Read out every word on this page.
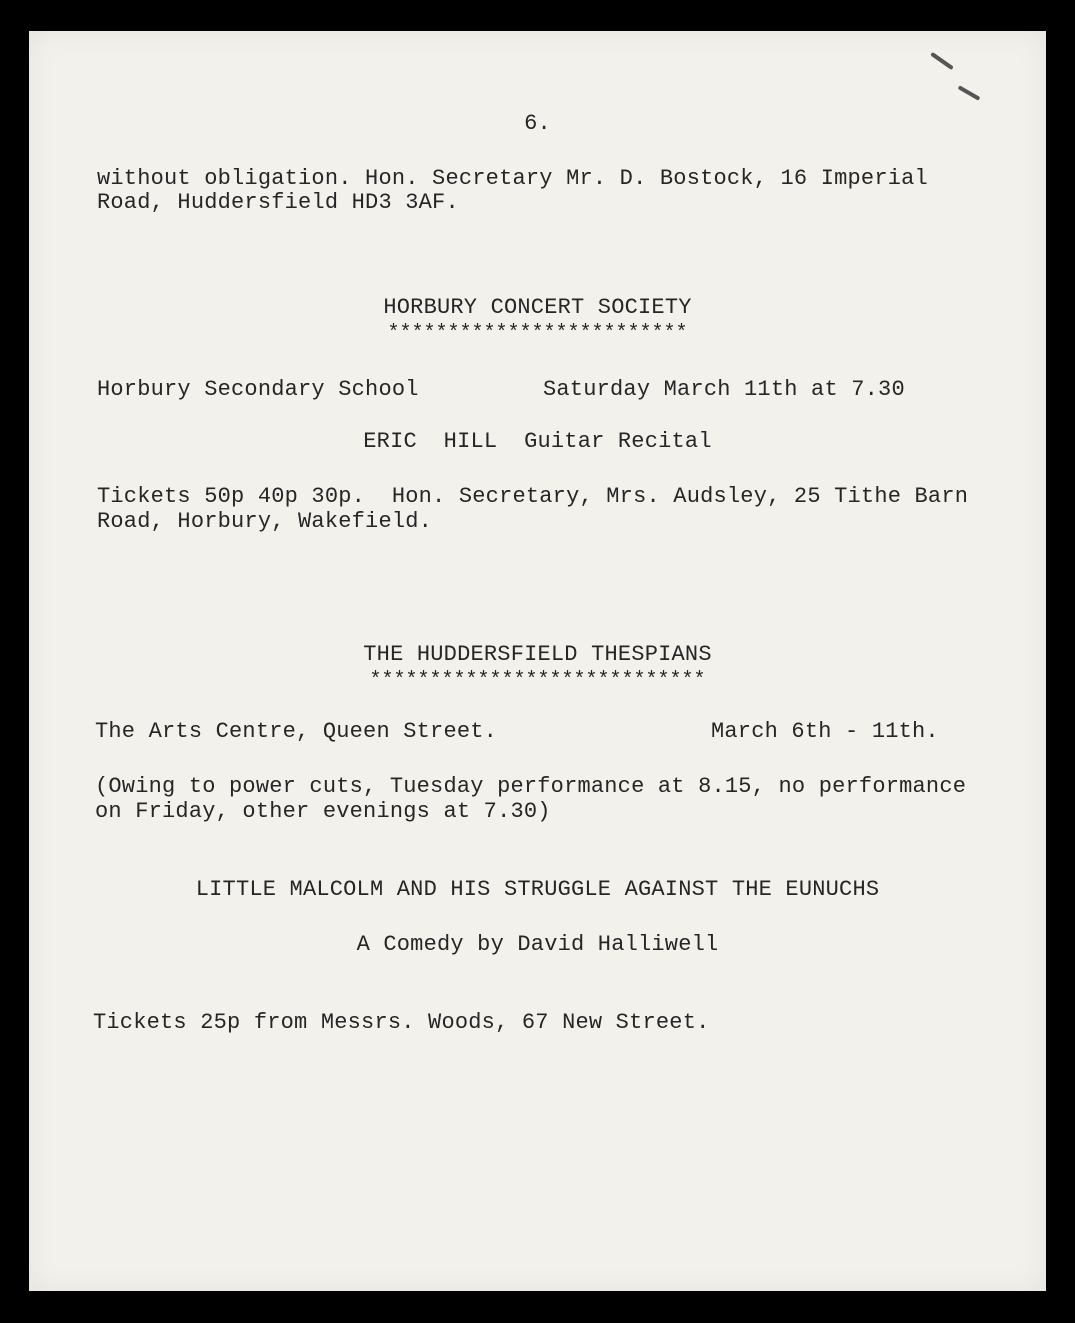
6.
without obligation. Hon. Secretary Mr. D. Bostock, 16 Imperial
Road, Huddersfield HD3 3AF.
HORBURY CONCERT SOCIETY
*************************
Horbury Secondary School	Saturday March 11th at 7.30
ERIC  HILL  Guitar Recital
Tickets 50p 40p 30p.  Hon. Secretary, Mrs. Audsley, 25 Tithe Barn
Road, Horbury, Wakefield.
THE HUDDERSFIELD THESPIANS
****************************
The Arts Centre, Queen Street.	March 6th - 11th.
(Owing to power cuts, Tuesday performance at 8.15, no performance
on Friday, other evenings at 7.30)
LITTLE MALCOLM AND HIS STRUGGLE AGAINST THE EUNUCHS
A Comedy by David Halliwell
Tickets 25p from Messrs. Woods, 67 New Street.
